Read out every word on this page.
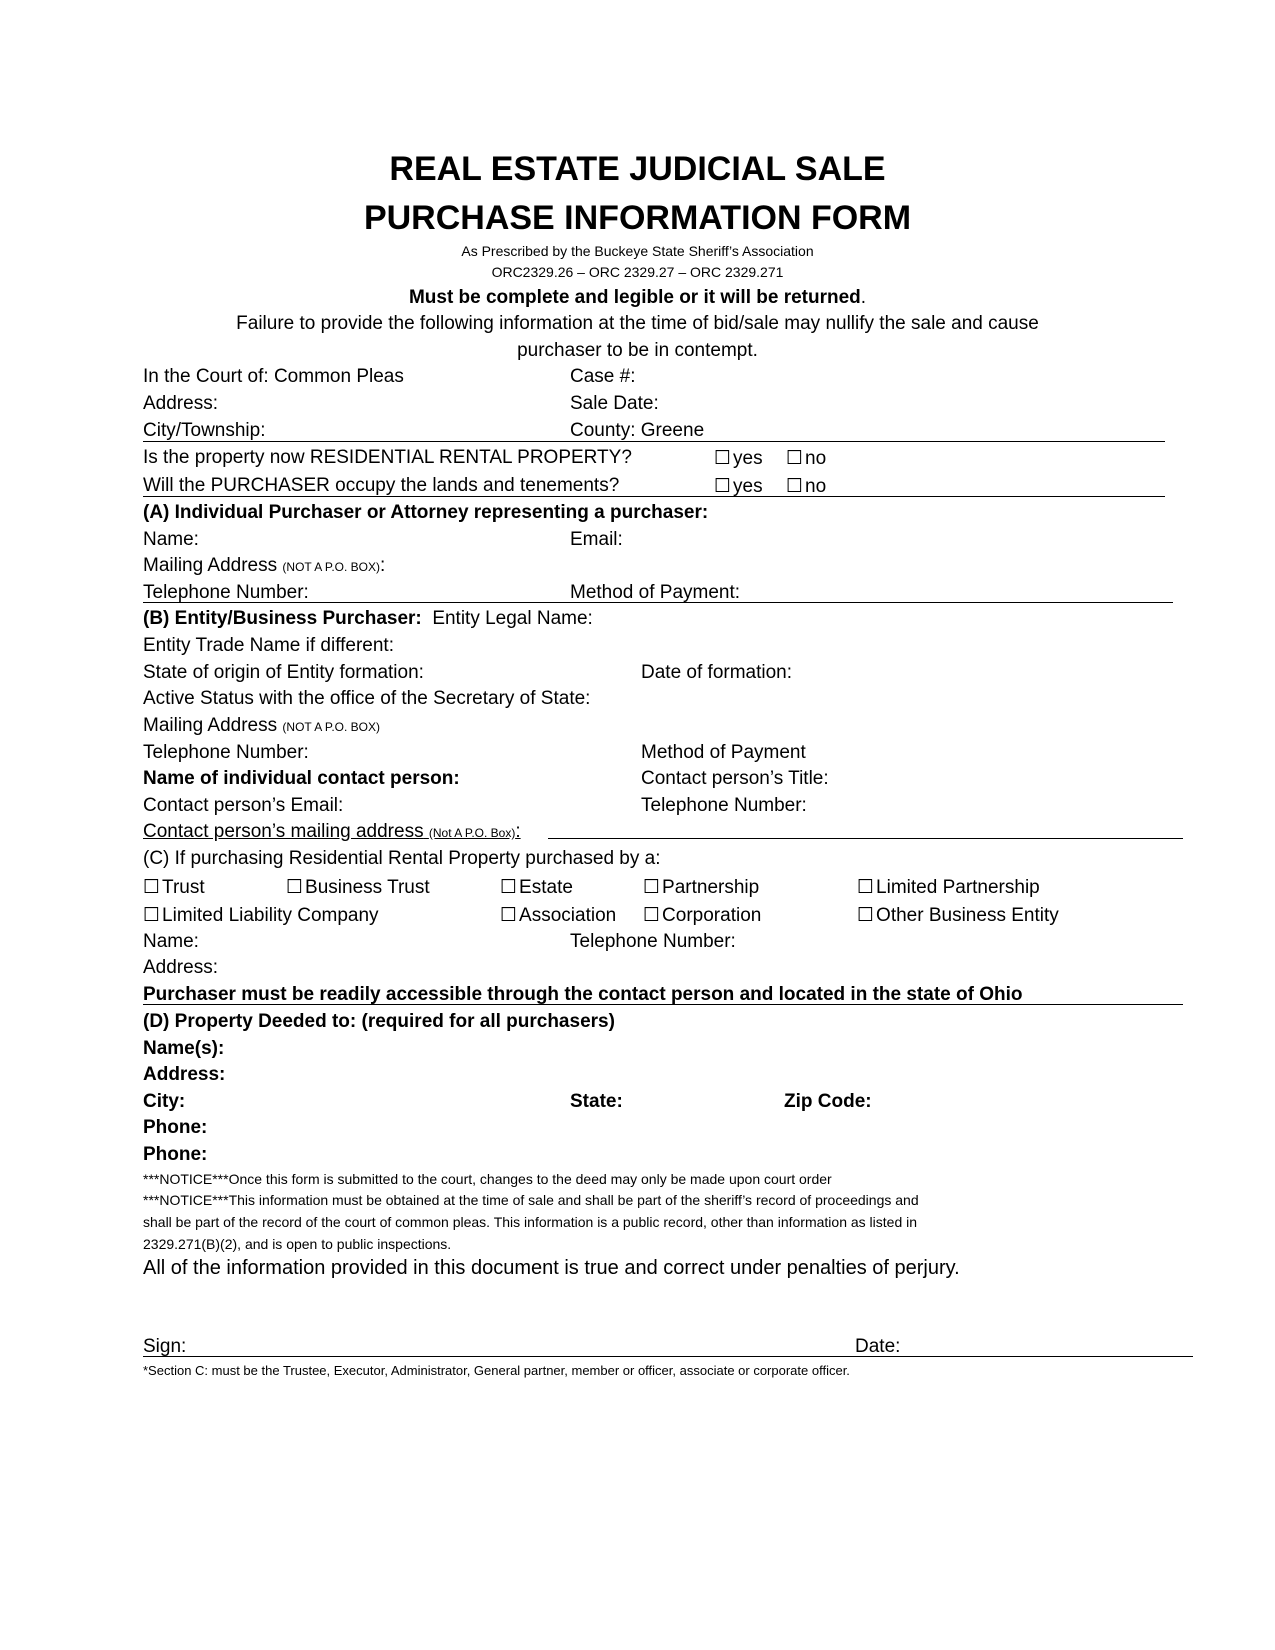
REAL ESTATE JUDICIAL SALE
PURCHASE INFORMATION FORM
As Prescribed by the Buckeye State Sheriff’s Association
ORC2329.26 – ORC 2329.27 – ORC 2329.271
Must be complete and legible or it will be returned.
Failure to provide the following information at the time of bid/sale may nullify the sale and cause
purchaser to be in contempt.
In the Court of: Common Pleas	Case #:
Address:	Sale Date:
City/Township:	County: Greene
Is the property now RESIDENTIAL RENTAL PROPERTY?	☐ yes ☐ no
Will the PURCHASER occupy the lands and tenements?	☐ yes ☐ no
(A) Individual Purchaser or Attorney representing a purchaser:
Name:	Email:
Mailing Address (NOT A P.O. BOX):
Telephone Number:	Method of Payment:
(B) Entity/Business Purchaser: Entity Legal Name:
Entity Trade Name if different:
State of origin of Entity formation:	Date of formation:
Active Status with the office of the Secretary of State:
Mailing Address (NOT A P.O. BOX)
Telephone Number:	Method of Payment
Name of individual contact person:	Contact person’s Title:
Contact person’s Email:	Telephone Number:
Contact person’s mailing address (Not A P.O. Box):
(C) If purchasing Residential Rental Property purchased by a:
☐ Trust	☐ Business Trust	☐ Estate	☐ Partnership	☐ Limited Partnership
☐ Limited Liability Company	☐ Association ☐ Corporation	☐ Other Business Entity
Name:	Telephone Number:
Address:
Purchaser must be readily accessible through the contact person and located in the state of Ohio
(D) Property Deeded to: (required for all purchasers)
Name(s):
Address:
City:	State:	Zip Code:
Phone:
Phone:
***NOTICE***Once this form is submitted to the court, changes to the deed may only be made upon court order
***NOTICE***This information must be obtained at the time of sale and shall be part of the sheriff’s record of proceedings and
shall be part of the record of the court of common pleas. This information is a public record, other than information as listed in
2329.271(B)(2), and is open to public inspections.
All of the information provided in this document is true and correct under penalties of perjury.
Sign:	Date:
*Section C: must be the Trustee, Executor, Administrator, General partner, member or officer, associate or corporate officer.
